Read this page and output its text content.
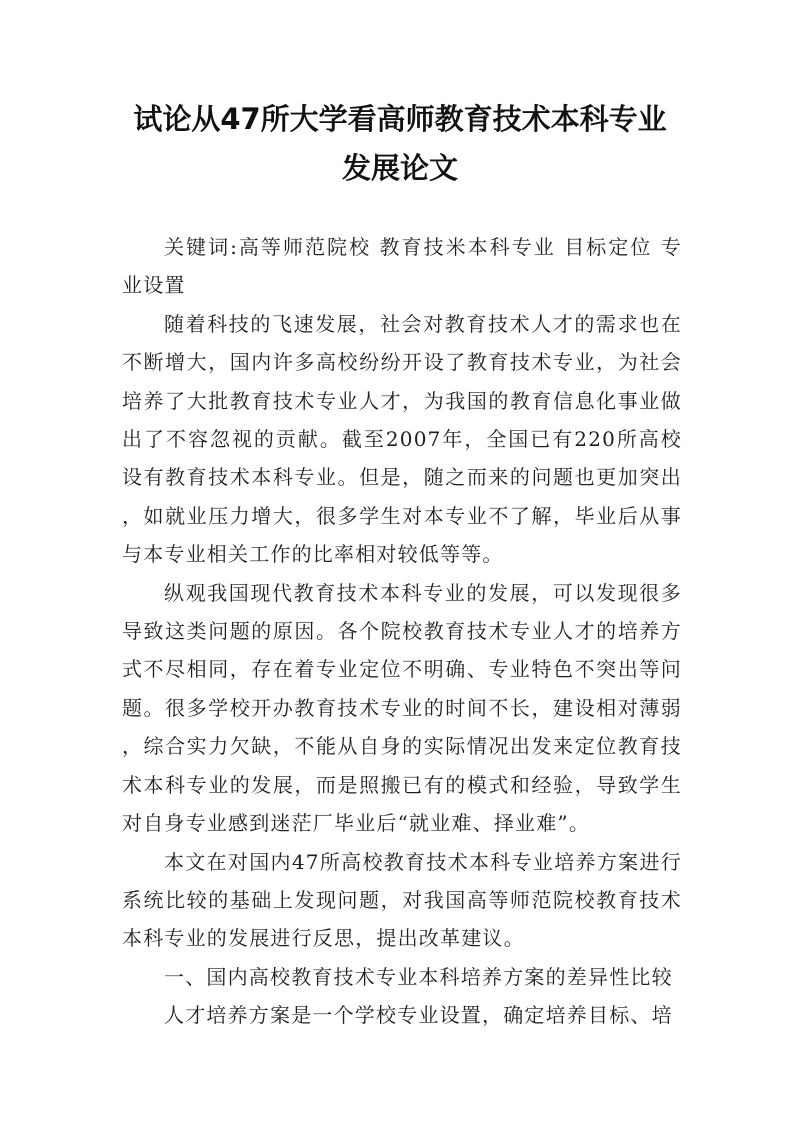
试论从47所大学看高师教育技术本科专业
发展论文

关键词:高等师范院校 教育技米本科专业 目标定位 专业设置

随着科技的飞速发展，社会对教育技术人才的需求也在不断增大，国内许多高校纷纷开设了教育技术专业，为社会培养了大批教育技术专业人才，为我国的教育信息化事业做出了不容忽视的贡献。截至2007年，全国已有220所高校设有教育技术本科专业。但是，随之而来的问题也更加突出，如就业压力增大，很多学生对本专业不了解，毕业后从事与本专业相关工作的比率相对较低等等。

纵观我国现代教育技术本科专业的发展，可以发现很多导致这类问题的原因。各个院校教育技术专业人才的培养方式不尽相同，存在着专业定位不明确、专业特色不突出等问题。很多学校开办教育技术专业的时间不长，建设相对薄弱，综合实力欠缺，不能从自身的实际情况出发来定位教育技术本科专业的发展，而是照搬已有的模式和经验，导致学生对自身专业感到迷茫厂毕业后“就业难、择业难”。

本文在对国内47所高校教育技术本科专业培养方案进行系统比较的基础上发现问题，对我国高等师范院校教育技术本科专业的发展进行反思，提出改革建议。

一、国内高校教育技术专业本科培养方案的差异性比较

人才培养方案是一个学校专业设置，确定培养目标、培
